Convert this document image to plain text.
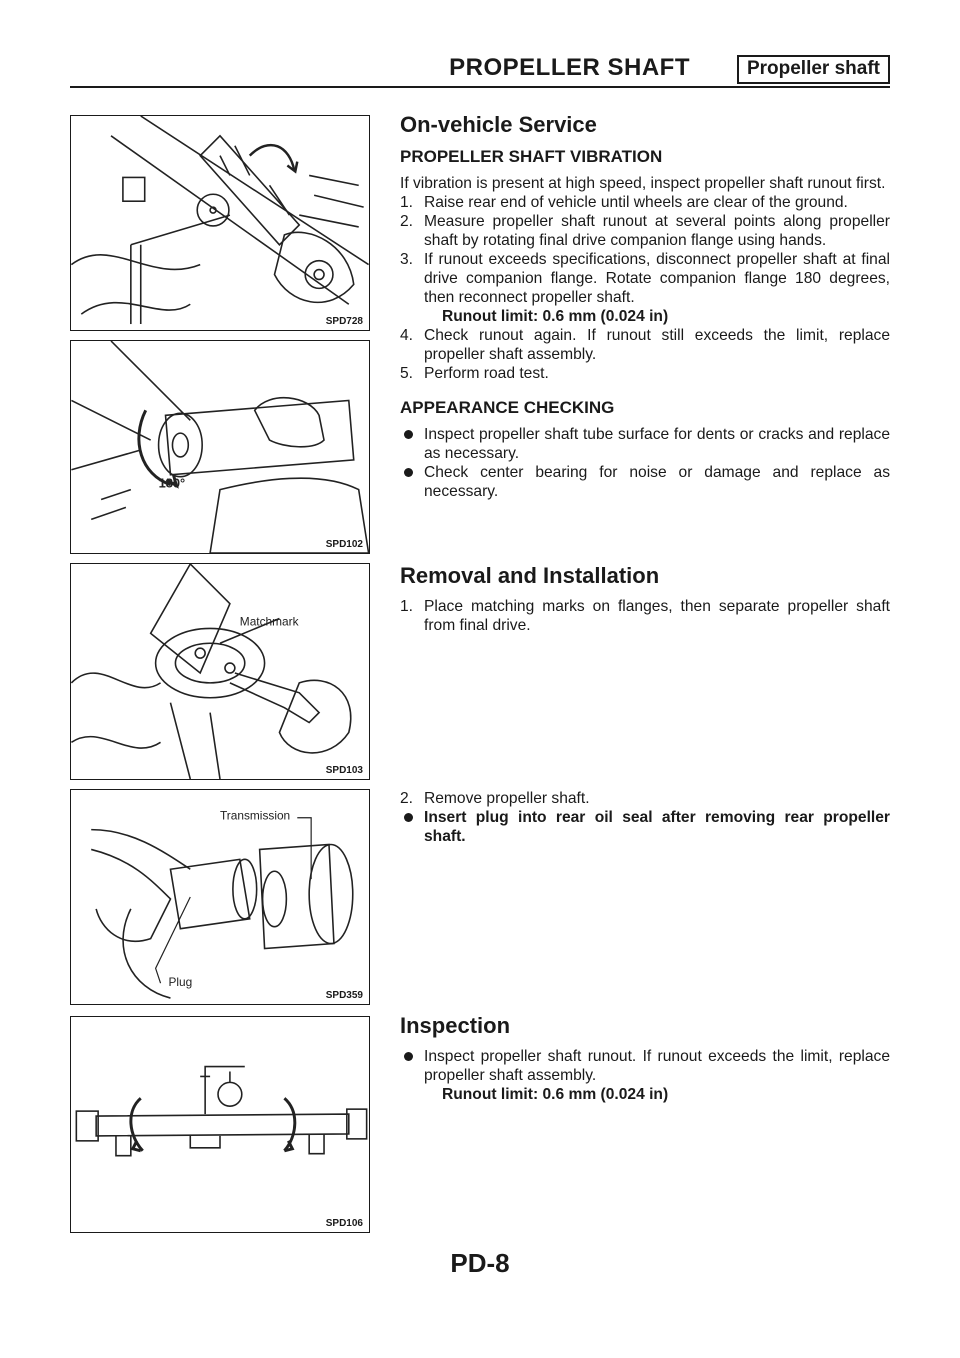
PROPELLER SHAFT	Propeller shaft
SPD728
180°
SPD102
Matchmark
SPD103
Transmission
Plug
SPD359
SPD106
On-vehicle Service
PROPELLER SHAFT VIBRATION

If vibration is present at high speed, inspect propeller shaft runout first.

1. Raise rear end of vehicle until wheels are clear of the ground.
2. Measure propeller shaft runout at several points along propeller shaft by rotating final drive companion flange using hands.
3. If runout exceeds specifications, disconnect propeller shaft at final drive companion flange. Rotate companion flange 180 degrees, then reconnect propeller shaft.
Runout limit: 0.6 mm (0.024 in)
4. Check runout again. If runout still exceeds the limit, replace propeller shaft assembly.
5. Perform road test.
APPEARANCE CHECKING
Inspect propeller shaft tube surface for dents or cracks and replace as necessary.
Check center bearing for noise or damage and replace as necessary.
Removal and Installation
1. Place matching marks on flanges, then separate propeller shaft from final drive.
2. Remove propeller shaft.
Insert plug into rear oil seal after removing rear propeller shaft.
Inspection
Inspect propeller shaft runout. If runout exceeds the limit, replace propeller shaft assembly.
Runout limit: 0.6 mm (0.024 in)
PD-8
